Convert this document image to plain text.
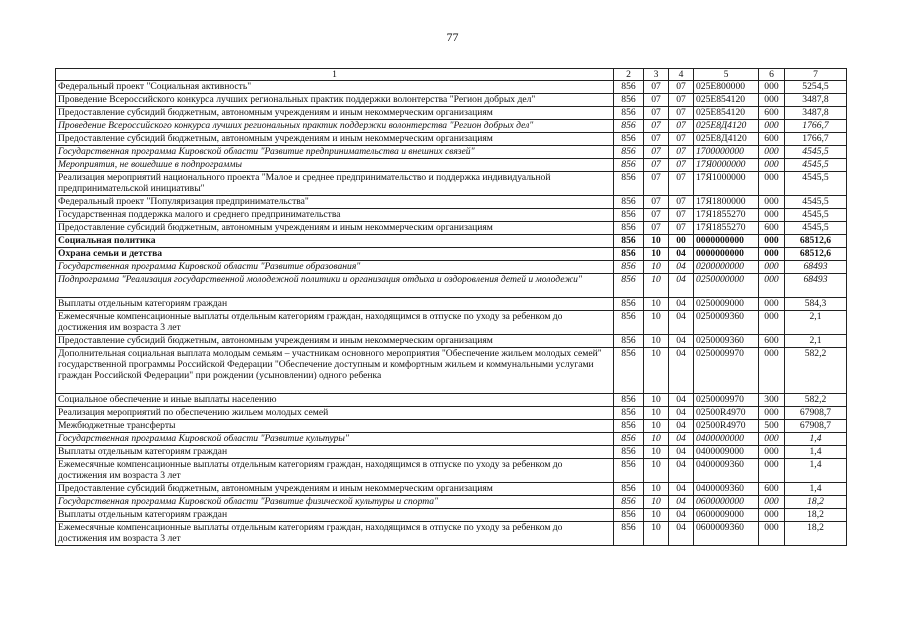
77
1	2	3	4	5	6	7
Федеральный проект "Социальная активность"	856	07	07	025E800000	000	5254,5
Проведение Всероссийского конкурса лучших региональных практик поддержки волонтерства "Регион добрых дел"	856	07	07	025E854120	000	3487,8
Предоставление субсидий бюджетным, автономным учреждениям и иным некоммерческим организациям	856	07	07	025E854120	600	3487,8
Проведение Всероссийского конкурса лучших региональных практик поддержки волонтерства "Регион добрых дел"	856	07	07	025E8Д4120	000	1766,7
Предоставление субсидий бюджетным, автономным учреждениям и иным некоммерческим организациям	856	07	07	025E8Д4120	600	1766,7
Государственная программа Кировской области "Развитие предпринимательства и внешних связей"	856	07	07	1700000000	000	4545,5
Мероприятия, не вошедшие в подпрограммы	856	07	07	17Я0000000	000	4545,5
Реализация мероприятий национального проекта "Малое и среднее предпринимательство и поддержка индивидуальной предпринимательской инициативы"	856	07	07	17Я1000000	000	4545,5
Федеральный проект "Популяризация предпринимательства"	856	07	07	17Я1800000	000	4545,5
Государственная поддержка малого и среднего предпринимательства	856	07	07	17Я1855270	000	4545,5
Предоставление субсидий бюджетным, автономным учреждениям и иным некоммерческим организациям	856	07	07	17Я1855270	600	4545,5
Социальная политика	856	10	00	0000000000	000	68512,6
Охрана семьи и детства	856	10	04	0000000000	000	68512,6
Государственная программа Кировской области "Развитие образования"	856	10	04	0200000000	000	68493
Подпрограмма "Реализация государственной молодежной политики и организация отдыха и оздоровления детей и молодежи"	856	10	04	0250000000	000	68493
Выплаты отдельным категориям граждан	856	10	04	0250009000	000	584,3
Ежемесячные компенсационные выплаты отдельным категориям граждан, находящимся в отпуске по уходу за ребенком до достижения им возраста 3 лет	856	10	04	0250009360	000	2,1
Предоставление субсидий бюджетным, автономным учреждениям и иным некоммерческим организациям	856	10	04	0250009360	600	2,1
Дополнительная социальная выплата молодым семьям – участникам основного мероприятия "Обеспечение жильем молодых семей" государственной программы Российской Федерации "Обеспечение доступным и комфортным жильем и коммунальными услугами граждан Российской Федерации" при рождении (усыновлении) одного ребенка	856	10	04	0250009970	000	582,2
Социальное обеспечение и иные выплаты населению	856	10	04	0250009970	300	582,2
Реализация мероприятий по обеспечению жильем молодых семей	856	10	04	02500R4970	000	67908,7
Межбюджетные трансферты	856	10	04	02500R4970	500	67908,7
Государственная программа Кировской области "Развитие культуры"	856	10	04	0400000000	000	1,4
Выплаты отдельным категориям граждан	856	10	04	0400009000	000	1,4
Ежемесячные компенсационные выплаты отдельным категориям граждан, находящимся в отпуске по уходу за ребенком до достижения им возраста 3 лет	856	10	04	0400009360	000	1,4
Предоставление субсидий бюджетным, автономным учреждениям и иным некоммерческим организациям	856	10	04	0400009360	600	1,4
Государственная программа Кировской области "Развитие физической культуры и спорта"	856	10	04	0600000000	000	18,2
Выплаты отдельным категориям граждан	856	10	04	0600009000	000	18,2
Ежемесячные компенсационные выплаты отдельным категориям граждан, находящимся в отпуске по уходу за ребенком до достижения им возраста 3 лет	856	10	04	0600009360	000	18,2
